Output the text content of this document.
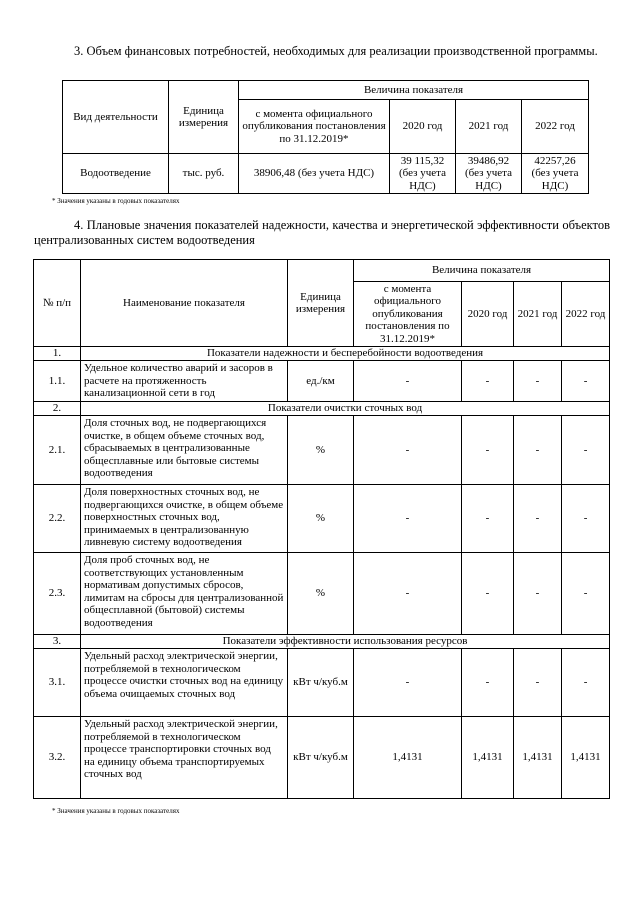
3. Объем финансовых потребностей, необходимых для реализации производственной программы.
Вид деятельности	Единица измерения	Величина показателя			
		с момента официального опубликования постановления по 31.12.2019*	2020 год	2021 год	2022 год
Водоотведение	тыс. руб.	38906,48 (без учета НДС)	39 115,32 (без учета НДС)	39486,92 (без учета НДС)	42257,26 (без учета НДС)
* Значения указаны в годовых показателях
4. Плановые значения показателей надежности, качества и энергетической эффективности объектов централизованных систем водоотведения
№ п/п	Наименование показателя	Единица измерения	Величина показателя			
			с момента официального опубликования постановления по 31.12.2019*	2020 год	2021 год	2022 год
1.	Показатели надежности и бесперебойности водоотведения					
1.1.	Удельное количество аварий и засоров в расчете на протяженность канализационной сети в год	ед./км	-	-	-	-
2.	Показатели очистки сточных вод					
2.1.	Доля сточных вод, не подвергающихся очистке, в общем объеме сточных вод, сбрасываемых в централизованные общесплавные или бытовые системы водоотведения	%	-	-	-	-
2.2.	Доля поверхностных сточных вод, не подвергающихся очистке, в общем объеме поверхностных сточных вод, принимаемых в централизованную ливневую систему водоотведения	%	-	-	-	-
2.3.	Доля проб сточных вод, не соответствующих установленным нормативам допустимых сбросов, лимитам на сбросы для централизованной общесплавной (бытовой) системы водоотведения	%	-	-	-	-
3.	Показатели эффективности использования ресурсов					
3.1.	Удельный расход электрической энергии, потребляемой в технологическом процессе очистки сточных вод на единицу объема очищаемых сточных вод	кВт ч/куб.м	-	-	-	-
3.2.	Удельный расход электрической энергии, потребляемой в технологическом процессе транспортировки сточных вод на единицу объема транспортируемых сточных вод	кВт ч/куб.м	1,4131	1,4131	1,4131	1,4131
* Значения указаны в годовых показателях
